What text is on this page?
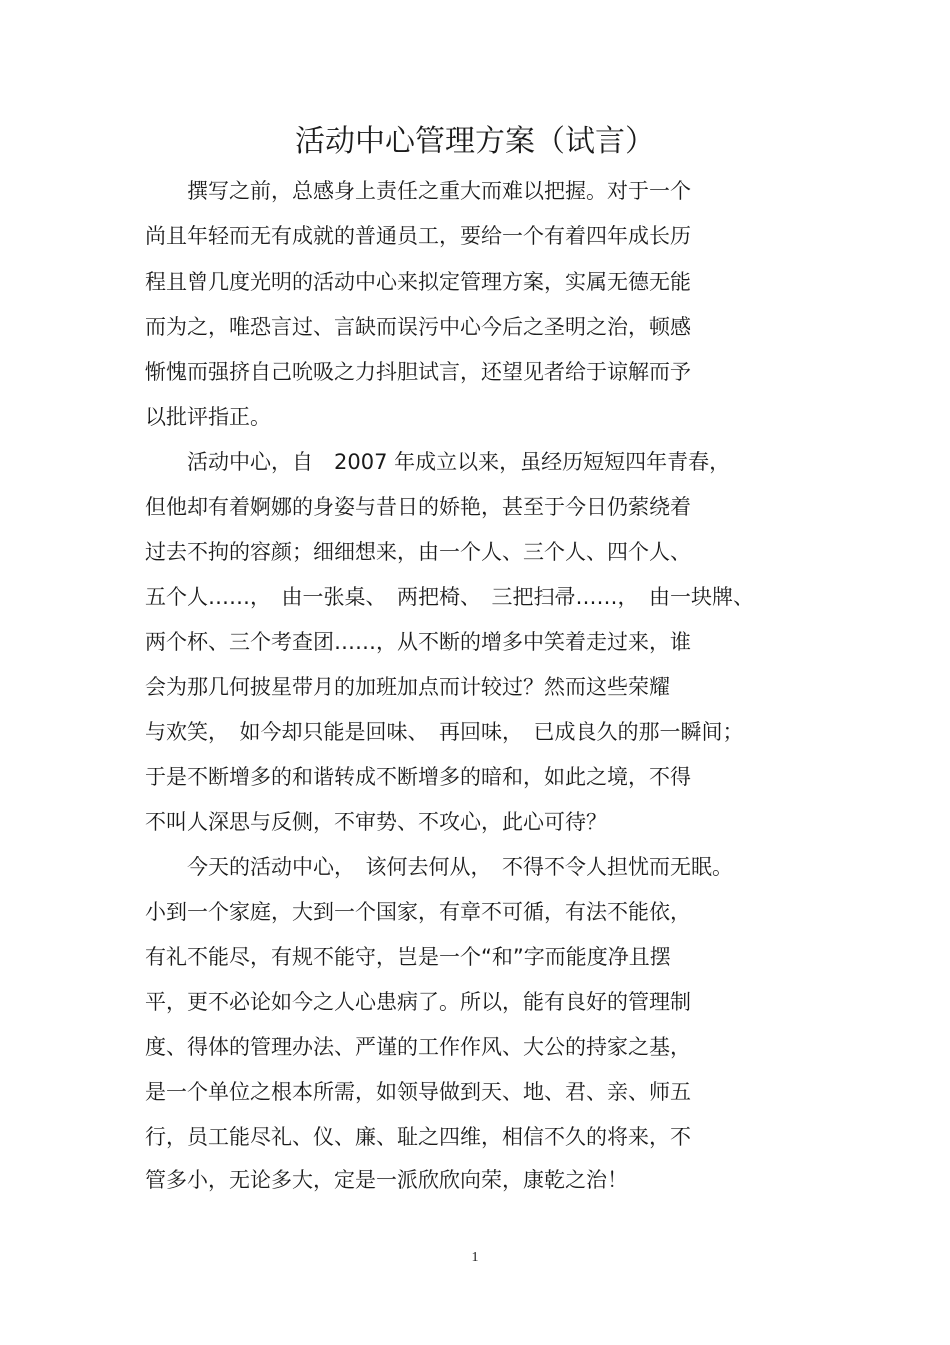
活动中心管理方案（试言）
　　撰写之前，总感身上责任之重大而难以把握。对于一个
尚且年轻而无有成就的普通员工，要给一个有着四年成长历
程且曾几度光明的活动中心来拟定管理方案，实属无德无能
而为之，唯恐言过、言缺而误污中心今后之圣明之治，顿感
惭愧而强挤自己吮吸之力抖胆试言，还望见者给于谅解而予
以批评指正。
　　活动中心，自　2007 年成立以来，虽经历短短四年青春，
但他却有着婀娜的身姿与昔日的娇艳，甚至于今日仍萦绕着
过去不拘的容颜；细细想来，由一个人、三个人、四个人、
五个人……，　由一张桌、　两把椅、　三把扫帚……，　由一块牌、
两个杯、三个考查团……，从不断的增多中笑着走过来，谁
会为那几何披星带月的加班加点而计较过？然而这些荣耀
与欢笑，　如今却只能是回味、　再回味，　已成良久的那一瞬间；
于是不断增多的和谐转成不断增多的暗和，如此之境，不得
不叫人深思与反侧，不审势、不攻心，此心可待？
　　今天的活动中心，　该何去何从，　不得不令人担忧而无眠。
小到一个家庭，大到一个国家，有章不可循，有法不能依，
有礼不能尽，有规不能守，岂是一个“和”字而能度净且摆
平，更不必论如今之人心患病了。所以，能有良好的管理制
度、得体的管理办法、严谨的工作作风、大公的持家之基，
是一个单位之根本所需，如领导做到天、地、君、亲、师五
行，员工能尽礼、仪、廉、耻之四维，相信不久的将来，不
管多小，无论多大，定是一派欣欣向荣，康乾之治！
1
